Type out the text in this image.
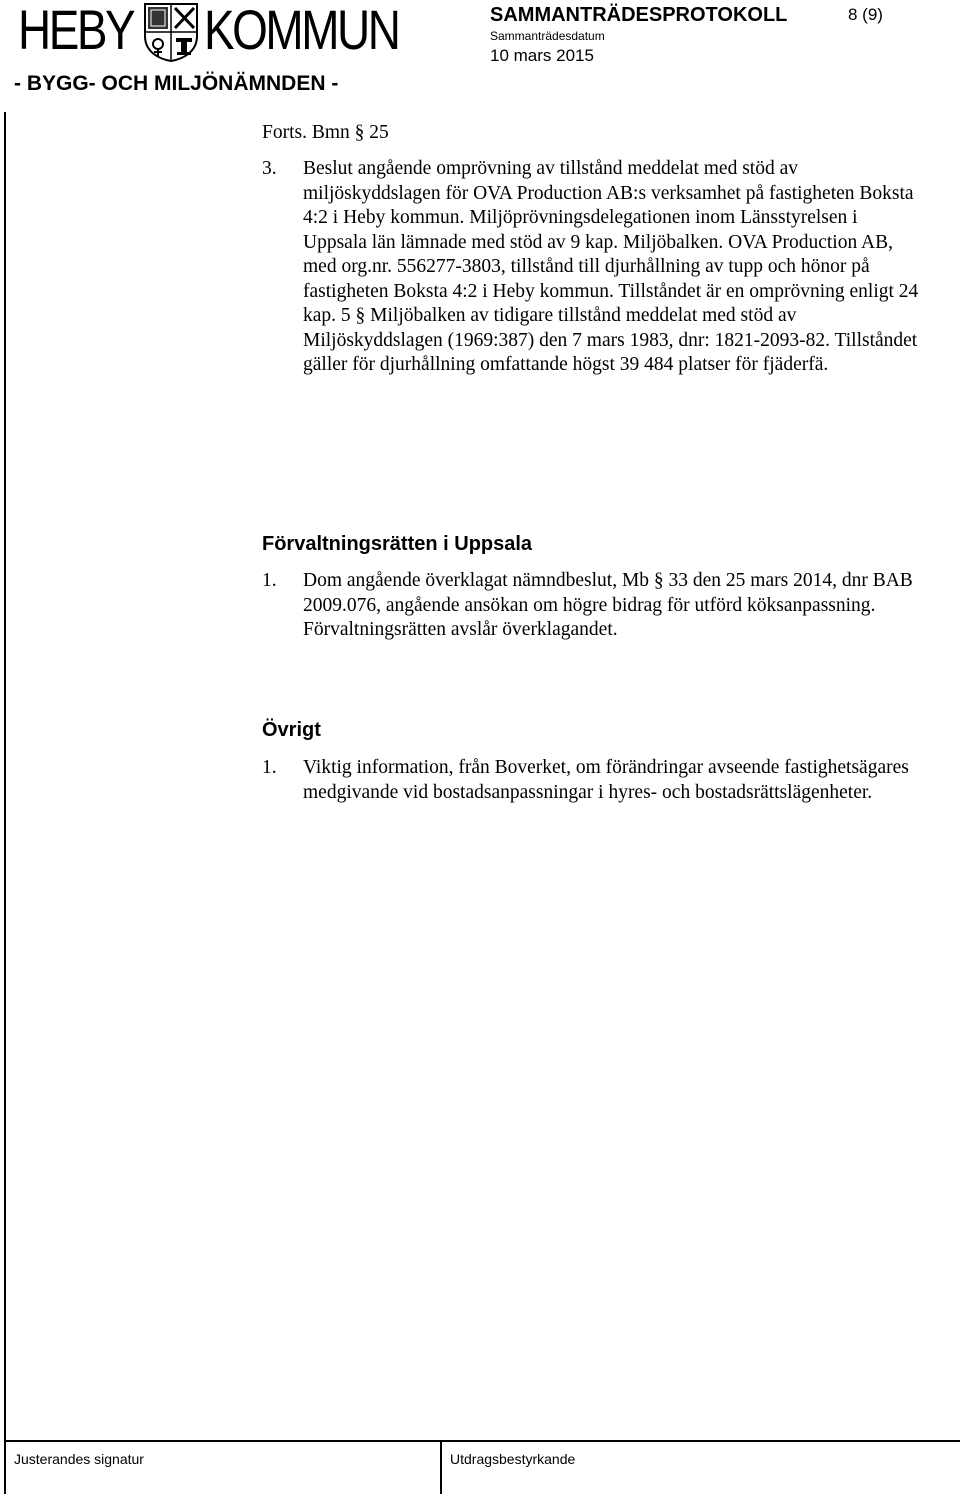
HEBY KOMMUN
- BYGG- OCH MILJÖNÄMNDEN -
SAMMANTRÄDESPROTOKOLL	8 (9)
Sammanträdesdatum
10 mars 2015
Forts. Bmn § 25
3. Beslut angående omprövning av tillstånd meddelat med stöd av miljöskyddslagen för OVA Production AB:s verksamhet på fastigheten Boksta 4:2 i Heby kommun. Miljöprövningsdelegationen inom Länsstyrelsen i Uppsala län lämnade med stöd av 9 kap. Miljöbalken. OVA Production AB, med org.nr. 556277-3803, tillstånd till djurhållning av tupp och hönor på fastigheten Boksta 4:2 i Heby kommun. Tillståndet är en omprövning enligt 24 kap. 5 § Miljöbalken av tidigare tillstånd meddelat med stöd av Miljöskyddslagen (1969:387) den 7 mars 1983, dnr: 1821-2093-82. Tillståndet gäller för djurhållning omfattande högst 39 484 platser för fjäderfä.
Förvaltningsrätten i Uppsala
1. Dom angående överklagat nämndbeslut, Mb § 33 den 25 mars 2014, dnr BAB 2009.076, angående ansökan om högre bidrag för utförd köksanpassning. Förvaltningsrätten avslår överklagandet.
Övrigt
1. Viktig information, från Boverket, om förändringar avseende fastighetsägares medgivande vid bostadsanpassningar i hyres- och bostadsrättslägenheter.
Justerandes signatur	Utdragsbestyrkande
